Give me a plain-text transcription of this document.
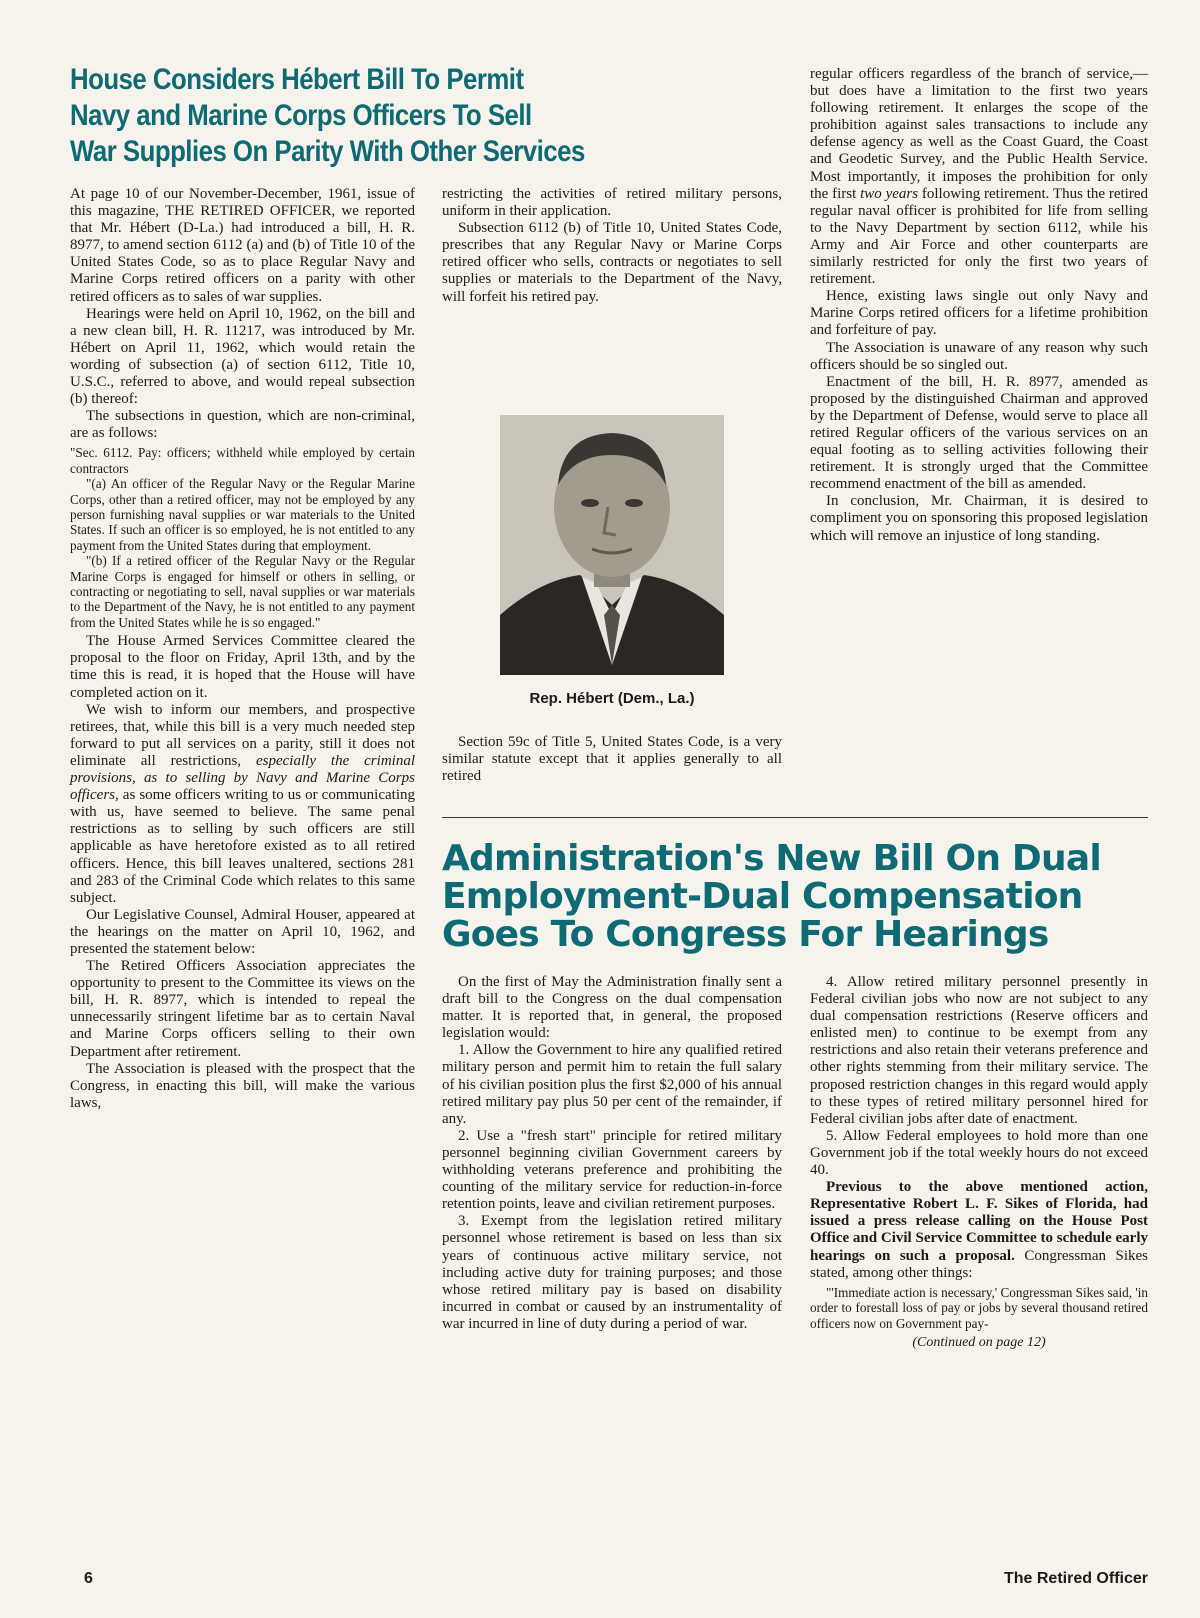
House Considers Hébert Bill To Permit
Navy and Marine Corps Officers To Sell
War Supplies On Parity With Other Services

At page 10 of our November-December, 1961, issue of this magazine, THE RETIRED OFFICER, we reported that Mr. Hébert (D-La.) had introduced a bill, H. R. 8977, to amend section 6112 (a) and (b) of Title 10 of the United States Code, so as to place Regular Navy and Marine Corps retired officers on a parity with other retired officers as to sales of war supplies.

Hearings were held on April 10, 1962, on the bill and a new clean bill, H. R. 11217, was introduced by Mr. Hébert on April 11, 1962, which would retain the wording of subsection (a) of section 6112, Title 10, U.S.C., referred to above, and would repeal subsection (b) thereof:

The subsections in question, which are non-criminal, are as follows:

"Sec. 6112. Pay: officers; withheld while employed by certain contractors
"(a) An officer of the Regular Navy or the Regular Marine Corps, other than a retired officer, may not be employed by any person furnishing naval supplies or war materials to the United States. If such an officer is so employed, he is not entitled to any payment from the United States during that employment.
"(b) If a retired officer of the Regular Navy or the Regular Marine Corps is engaged for himself or others in selling, or contracting or negotiating to sell, naval supplies or war materials to the Department of the Navy, he is not entitled to any payment from the United States while he is so engaged."

The House Armed Services Committee cleared the proposal to the floor on Friday, April 13th, and by the time this is read, it is hoped that the House will have completed action on it.

We wish to inform our members, and prospective retirees, that, while this bill is a very much needed step forward to put all services on a parity, still it does not eliminate all restrictions, especially the criminal provisions, as to selling by Navy and Marine Corps officers, as some officers writing to us or communicating with us, have seemed to believe. The same penal restrictions as to selling by such officers are still applicable as have heretofore existed as to all retired officers. Hence, this bill leaves unaltered, sections 281 and 283 of the Criminal Code which relates to this same subject.

Our Legislative Counsel, Admiral Houser, appeared at the hearings on the matter on April 10, 1962, and presented the statement below:

The Retired Officers Association appreciates the opportunity to present to the Committee its views on the bill, H. R. 8977, which is intended to repeal the unnecessarily stringent lifetime bar as to certain Naval and Marine Corps officers selling to their own Department after retirement.

The Association is pleased with the prospect that the Congress, in enacting this bill, will make the various laws,

restricting the activities of retired military persons, uniform in their application.

Subsection 6112 (b) of Title 10, United States Code, prescribes that any Regular Navy or Marine Corps retired officer who sells, contracts or negotiates to sell supplies or materials to the Department of the Navy, will forfeit his retired pay.

Rep. Hébert (Dem., La.)

Section 59c of Title 5, United States Code, is a very similar statute except that it applies generally to all retired

regular officers regardless of the branch of service,—but does have a limitation to the first two years following retirement. It enlarges the scope of the prohibition against sales transactions to include any defense agency as well as the Coast Guard, the Coast and Geodetic Survey, and the Public Health Service. Most importantly, it imposes the prohibition for only the first two years following retirement. Thus the retired regular naval officer is prohibited for life from selling to the Navy Department by section 6112, while his Army and Air Force and other counterparts are similarly restricted for only the first two years of retirement.

Hence, existing laws single out only Navy and Marine Corps retired officers for a lifetime prohibition and forfeiture of pay.

The Association is unaware of any reason why such officers should be so singled out.

Enactment of the bill, H. R. 8977, amended as proposed by the distinguished Chairman and approved by the Department of Defense, would serve to place all retired Regular officers of the various services on an equal footing as to selling activities following their retirement. It is strongly urged that the Committee recommend enactment of the bill as amended.

In conclusion, Mr. Chairman, it is desired to compliment you on sponsoring this proposed legislation which will remove an injustice of long standing.

Administration's New Bill On Dual
Employment-Dual Compensation
Goes To Congress For Hearings

On the first of May the Administration finally sent a draft bill to the Congress on the dual compensation matter. It is reported that, in general, the proposed legislation would:

1. Allow the Government to hire any qualified retired military person and permit him to retain the full salary of his civilian position plus the first $2,000 of his annual retired military pay plus 50 per cent of the remainder, if any.

2. Use a "fresh start" principle for retired military personnel beginning civilian Government careers by withholding veterans preference and prohibiting the counting of the military service for reduction-in-force retention points, leave and civilian retirement purposes.

3. Exempt from the legislation retired military personnel whose retirement is based on less than six years of continuous active military service, not including active duty for training purposes; and those whose retired military pay is based on disability incurred in combat or caused by an instrumentality of war incurred in line of duty during a period of war.

4. Allow retired military personnel presently in Federal civilian jobs who now are not subject to any dual compensation restrictions (Reserve officers and enlisted men) to continue to be exempt from any restrictions and also retain their veterans preference and other rights stemming from their military service. The proposed restriction changes in this regard would apply to these types of retired military personnel hired for Federal civilian jobs after date of enactment.

5. Allow Federal employees to hold more than one Government job if the total weekly hours do not exceed 40.

Previous to the above mentioned action, Representative Robert L. F. Sikes of Florida, had issued a press release calling on the House Post Office and Civil Service Committee to schedule early hearings on such a proposal. Congressman Sikes stated, among other things:

"'Immediate action is necessary,' Congressman Sikes said, 'in order to forestall loss of pay or jobs by several thousand retired officers now on Government pay-
(Continued on page 12)
6	The Retired Officer
